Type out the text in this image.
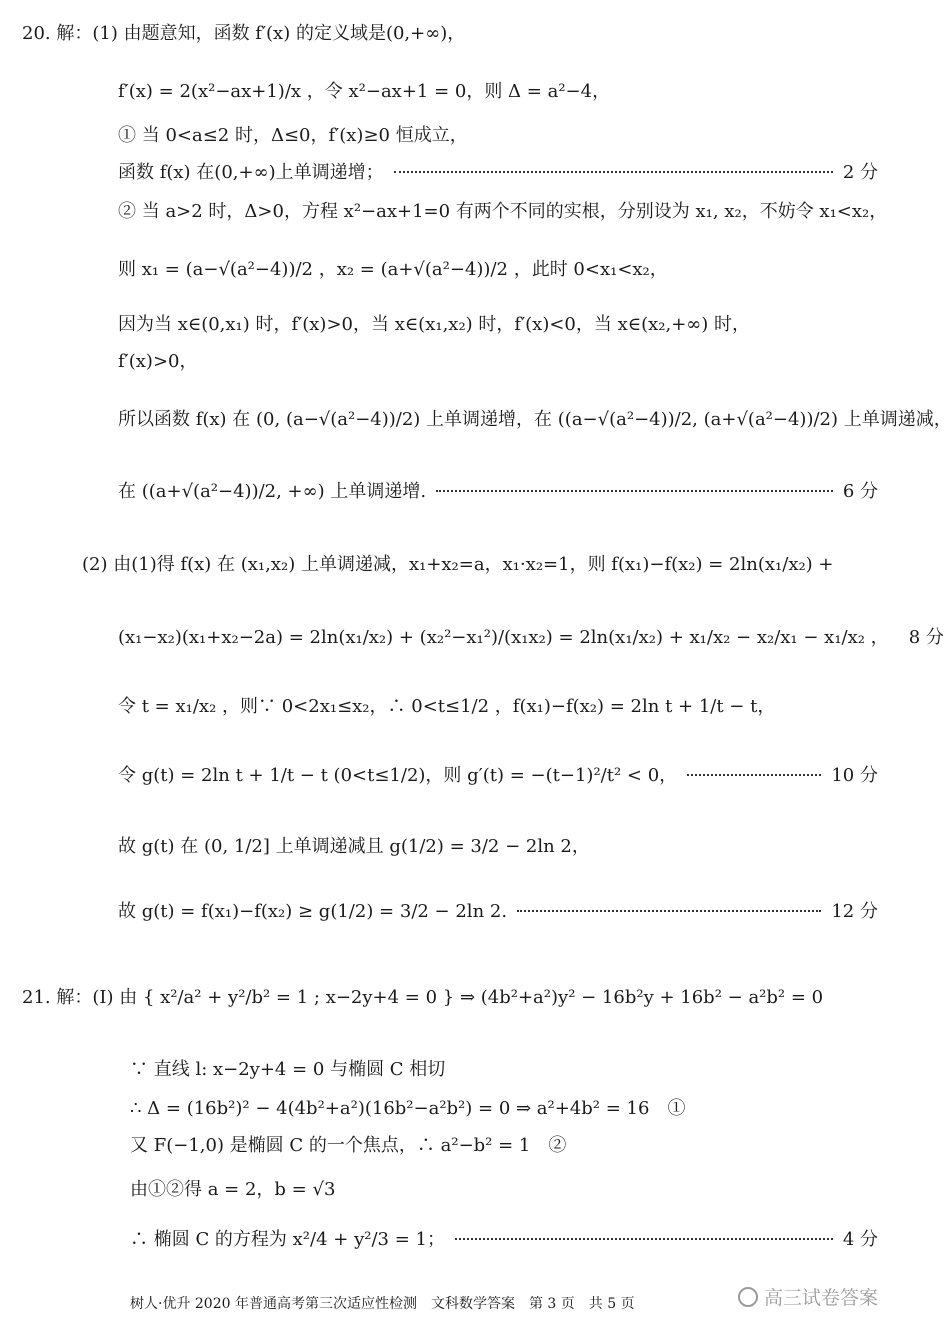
20. 解：(1) 由题意知，函数 f′(x) 的定义域是(0,+∞)，
f′(x) = 2(x²−ax+1)/x ，令 x²−ax+1 = 0，则 Δ = a²−4，
① 当 0<a≤2 时，Δ≤0，f′(x)≥0 恒成立，
函数 f(x) 在(0,+∞)上单调递增；	2 分
② 当 a>2 时，Δ>0，方程 x²−ax+1=0 有两个不同的实根，分别设为 x₁, x₂，不妨令 x₁<x₂，
则 x₁ = (a−√(a²−4))/2 ，x₂ = (a+√(a²−4))/2 ，此时 0<x₁<x₂，
因为当 x∈(0,x₁) 时，f′(x)>0，当 x∈(x₁,x₂) 时，f′(x)<0，当 x∈(x₂,+∞) 时，
f′(x)>0，
所以函数 f(x) 在 (0, (a−√(a²−4))/2) 上单调递增，在 ((a−√(a²−4))/2, (a+√(a²−4))/2) 上单调递减，
在 ((a+√(a²−4))/2, +∞) 上单调递增.	6 分
(2) 由(1)得 f(x) 在 (x₁,x₂) 上单调递减，x₁+x₂=a，x₁·x₂=1，则 f(x₁)−f(x₂) = 2ln(x₁/x₂) +
(x₁−x₂)(x₁+x₂−2a) = 2ln(x₁/x₂) + (x₂²−x₁²)/(x₁x₂) = 2ln(x₁/x₂) + x₁/x₂ − x₂/x₁ − x₁/x₂ ， 8 分
令 t = x₁/x₂ ，则∵ 0<2x₁≤x₂，∴ 0<t≤1/2 ，f(x₁)−f(x₂) = 2ln t + 1/t − t，
令 g(t) = 2ln t + 1/t − t (0<t≤1/2)，则 g′(t) = −(t−1)²/t² < 0，	10 分
故 g(t) 在 (0, 1/2] 上单调递减且 g(1/2) = 3/2 − 2ln 2，
故 g(t) = f(x₁)−f(x₂) ≥ g(1/2) = 3/2 − 2ln 2.	12 分
21. 解：(Ⅰ) 由 { x²/a² + y²/b² = 1 ; x−2y+4 = 0 } ⇒ (4b²+a²)y² − 16b²y + 16b² − a²b² = 0
∵ 直线 l: x−2y+4 = 0 与椭圆 C 相切
∴ Δ = (16b²)² − 4(4b²+a²)(16b²−a²b²) = 0 ⇒ a²+4b² = 16　①
又 F(−1,0) 是椭圆 C 的一个焦点，∴ a²−b² = 1　②
由①②得 a = 2，b = √3
∴ 椭圆 C 的方程为 x²/4 + y²/3 = 1；	4 分
树人·优升 2020 年普通高考第三次适应性检测　文科数学答案　第 3 页　共 5 页	高三试卷答案
